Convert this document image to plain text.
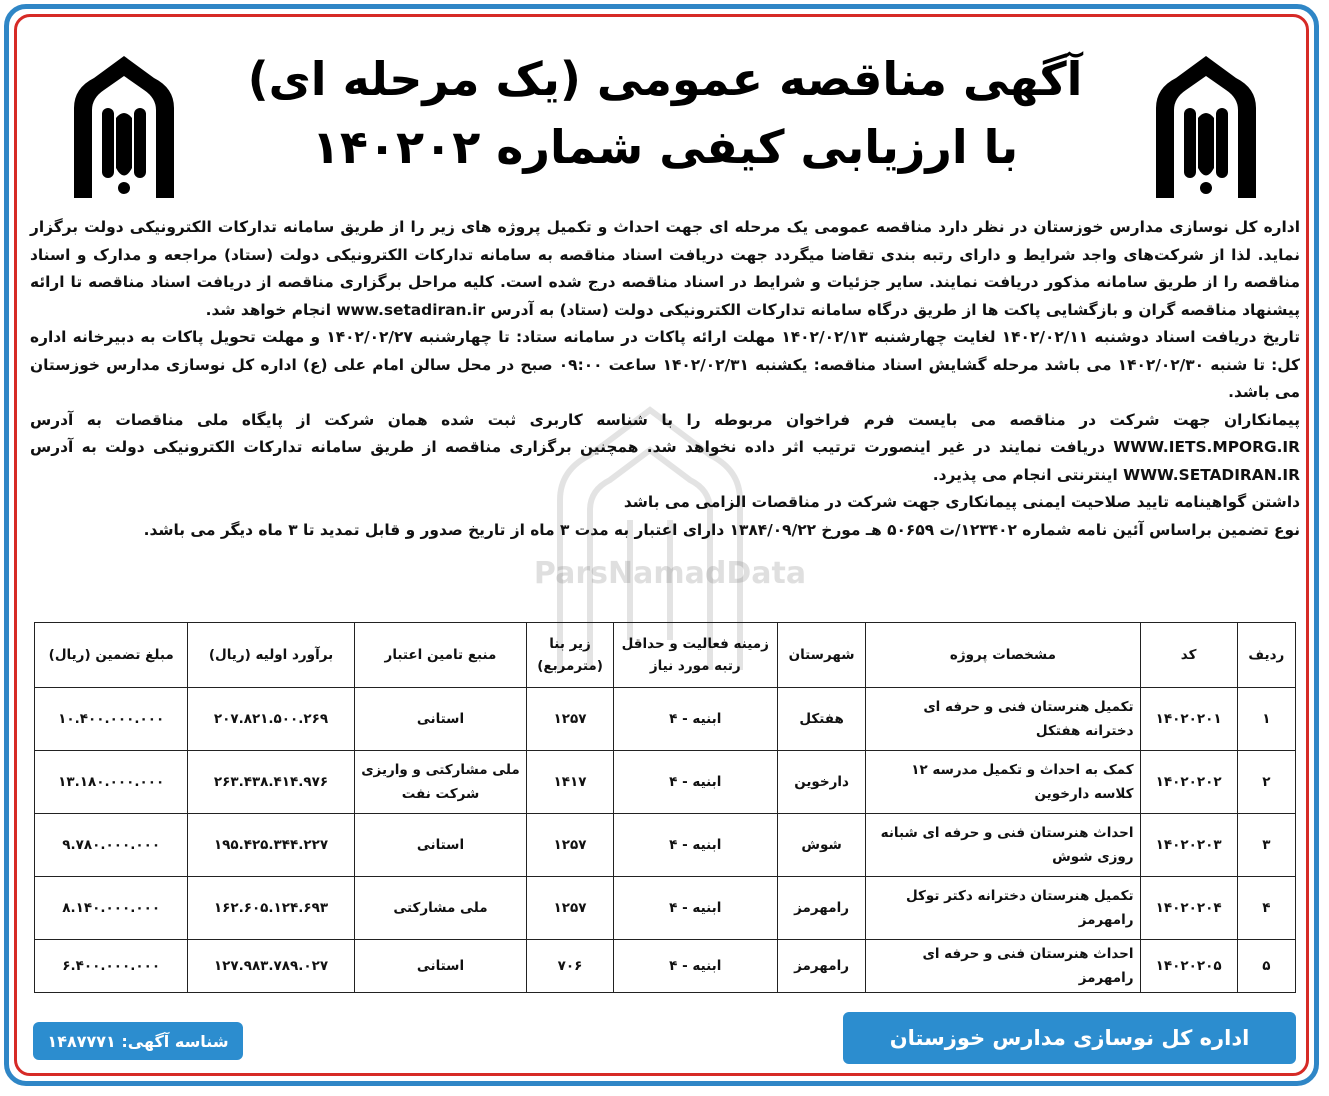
آگهی مناقصه عمومی (یک مرحله ای)
با ارزیابی کیفی شماره ۱۴۰۲۰۲
ParsNamadData

اداره کل نوسازی مدارس خوزستان در نظر دارد مناقصه عمومی یک مرحله ای جهت احداث و تکمیل پروژه های زیر را از طریق سامانه تدارکات الکترونیکی دولت برگزار نماید. لذا از شرکت‌های واجد شرایط و دارای رتبه بندی تقاضا میگردد جهت دریافت اسناد مناقصه به سامانه تدارکات الکترونیکی دولت (ستاد) مراجعه و مدارک و اسناد مناقصه را از طریق سامانه مذکور دریافت نمایند. سایر جزئیات و شرایط در اسناد مناقصه درج شده است. کلیه مراحل برگزاری مناقصه از دریافت اسناد مناقصه تا ارائه پیشنهاد مناقصه گران و بازگشایی پاکت ها از طریق درگاه سامانه تدارکات الکترونیکی دولت (ستاد) به آدرس www.setadiran.ir انجام خواهد شد.

تاریخ دریافت اسناد دوشنبه ۱۴۰۲/۰۲/۱۱ لغایت چهارشنبه ۱۴۰۲/۰۲/۱۳ مهلت ارائه پاکات در سامانه ستاد: تا چهارشنبه ۱۴۰۲/۰۲/۲۷ و مهلت تحویل پاکات به دبیرخانه اداره کل: تا شنبه ۱۴۰۲/۰۲/۳۰ می باشد مرحله گشایش اسناد مناقصه: یکشنبه ۱۴۰۲/۰۲/۳۱ ساعت ۰۹:۰۰ صبح در محل سالن امام علی (ع) اداره کل نوسازی مدارس خوزستان می باشد.

پیمانکاران جهت شرکت در مناقصه می بایست فرم فراخوان مربوطه را با شناسه کاربری ثبت شده همان شرکت از پایگاه ملی مناقصات به آدرس WWW.IETS.MPORG.IR دریافت نمایند در غیر اینصورت ترتیب اثر داده نخواهد شد. همچنین برگزاری مناقصه از طریق سامانه تدارکات الکترونیکی دولت به آدرس WWW.SETADIRAN.IR اینترنتی انجام می پذیرد.

داشتن گواهینامه تایید صلاحیت ایمنی پیمانکاری جهت شرکت در مناقصات الزامی می باشد

نوع تضمین براساس آئین نامه شماره ۱۲۳۴۰۲/ت ۵۰۶۵۹ هـ مورخ ۱۳۸۴/۰۹/۲۲ دارای اعتبار به مدت ۳ ماه از تاریخ صدور و قابل تمدید تا ۳ ماه دیگر می باشد.

ردیف	کد	مشخصات پروژه	شهرستان	زمینه فعالیت و حداقل رتبه مورد نیاز	زیر بنا (مترمربع)	منبع تامین اعتبار	برآورد اولیه (ریال)	مبلغ تضمین (ریال)
۱	۱۴۰۲۰۲۰۱	تکمیل هنرستان فنی و حرفه ای دخترانه هفتکل	هفتکل	ابنیه - ۴	۱۲۵۷	استانی	۲۰۷.۸۲۱.۵۰۰.۲۶۹	۱۰.۴۰۰.۰۰۰.۰۰۰
۲	۱۴۰۲۰۲۰۲	کمک به احداث و تکمیل مدرسه ۱۲ کلاسه دارخوین	دارخوین	ابنیه - ۴	۱۴۱۷	ملی مشارکتی و واریزی شرکت نفت	۲۶۳.۴۳۸.۴۱۴.۹۷۶	۱۳.۱۸۰.۰۰۰.۰۰۰
۳	۱۴۰۲۰۲۰۳	احداث هنرستان فنی و حرفه ای شبانه روزی شوش	شوش	ابنیه - ۴	۱۲۵۷	استانی	۱۹۵.۴۲۵.۳۴۴.۲۲۷	۹.۷۸۰.۰۰۰.۰۰۰
۴	۱۴۰۲۰۲۰۴	تکمیل هنرستان دخترانه دکتر توکل رامهرمز	رامهرمز	ابنیه - ۴	۱۲۵۷	ملی مشارکتی	۱۶۲.۶۰۵.۱۲۴.۶۹۳	۸.۱۴۰.۰۰۰.۰۰۰
۵	۱۴۰۲۰۲۰۵	احداث هنرستان فنی و حرفه ای رامهرمز	رامهرمز	ابنیه - ۴	۷۰۶	استانی	۱۲۷.۹۸۳.۷۸۹.۰۲۷	۶.۴۰۰.۰۰۰.۰۰۰
شناسه آگهی: ۱۴۸۷۷۷۱	اداره کل نوسازی مدارس خوزستان
